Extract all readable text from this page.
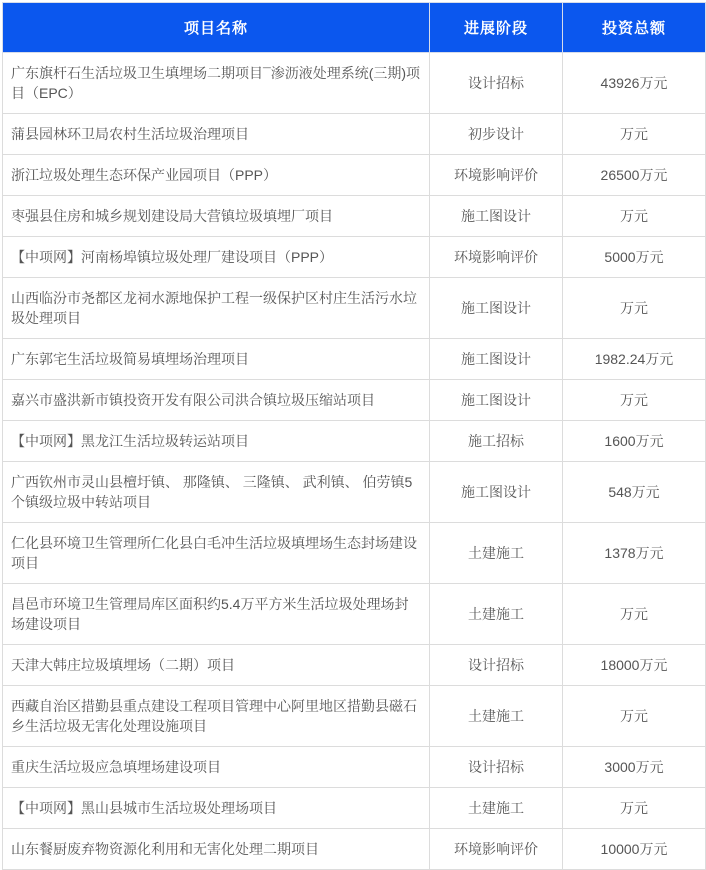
项目名称	进展阶段	投资总额
广东旗杆石生活垃圾卫生填埋场二期项目¯渗沥液处理系统(三期)项目（EPC）	设计招标	43926万元
蒲县园林环卫局农村生活垃圾治理项目	初步设计	万元
浙江垃圾处理生态环保产业园项目（PPP）	环境影响评价	26500万元
枣强县住房和城乡规划建设局大营镇垃圾填埋厂项目	施工图设计	万元
【中项网】河南杨埠镇垃圾处理厂建设项目（PPP）	环境影响评价	5000万元
山西临汾市尧都区龙祠水源地保护工程一级保护区村庄生活污水垃圾处理项目	施工图设计	万元
广东郭宅生活垃圾简易填埋场治理项目	施工图设计	1982.24万元
嘉兴市盛洪新市镇投资开发有限公司洪合镇垃圾压缩站项目	施工图设计	万元
【中项网】黑龙江生活垃圾转运站项目	施工招标	1600万元
广西钦州市灵山县檀圩镇、 那隆镇、 三隆镇、 武利镇、 伯劳镇5个镇级垃圾中转站项目	施工图设计	548万元
仁化县环境卫生管理所仁化县白毛冲生活垃圾填埋场生态封场建设项目	土建施工	1378万元
昌邑市环境卫生管理局库区面积约5.4万平方米生活垃圾处理场封场建设项目	土建施工	万元
天津大韩庄垃圾填埋场（二期）项目	设计招标	18000万元
西藏自治区措勤县重点建设工程项目管理中心阿里地区措勤县磁石乡生活垃圾无害化处理设施项目	土建施工	万元
重庆生活垃圾应急填埋场建设项目	设计招标	3000万元
【中项网】黑山县城市生活垃圾处理场项目	土建施工	万元
山东餐厨废弃物资源化利用和无害化处理二期项目	环境影响评价	10000万元
